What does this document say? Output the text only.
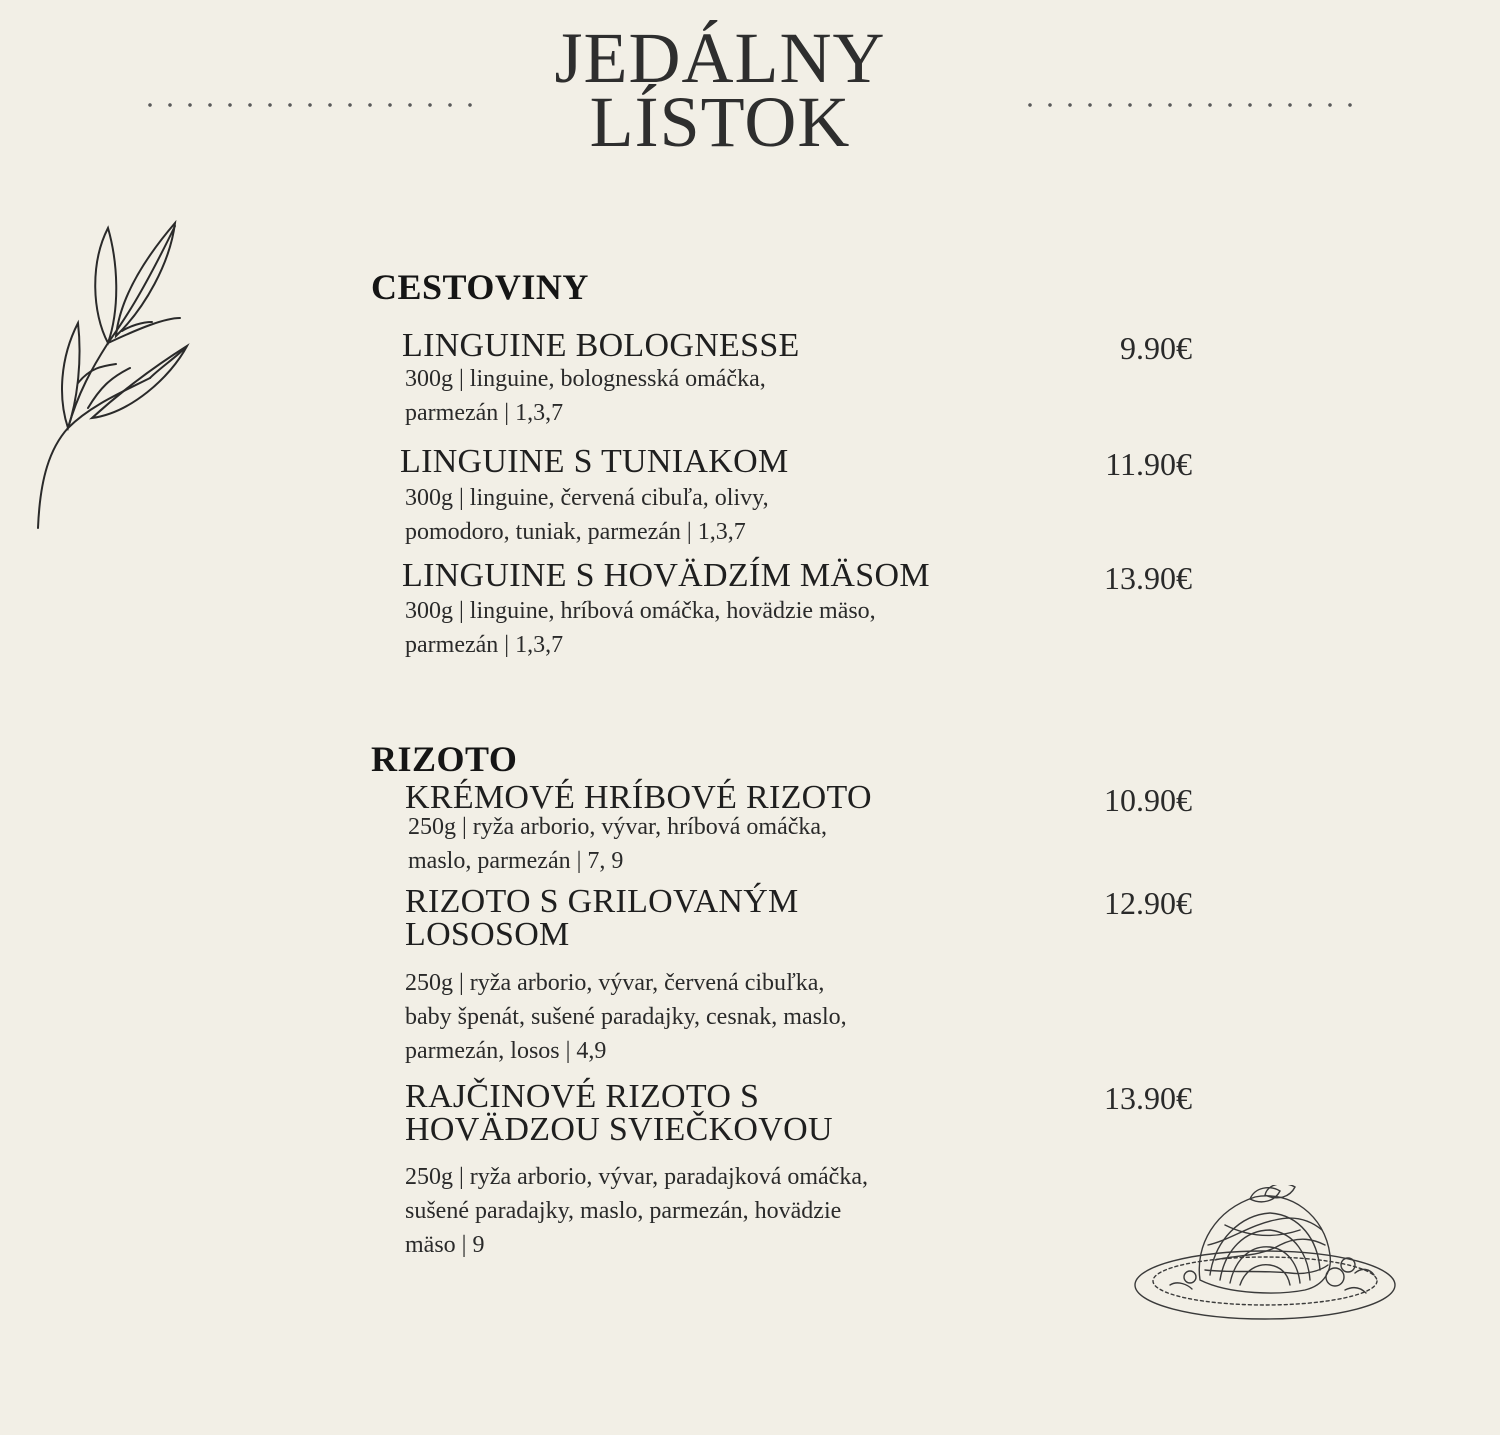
JEDÁLNY
LÍSTOK
CESTOVINY
LINGUINE BOLOGNESSE	9.90€
300g | linguine, bolognesská omáčka,
parmezán | 1,3,7
LINGUINE S TUNIAKOM	11.90€
300g | linguine, červená cibuľa, olivy,
pomodoro, tuniak, parmezán | 1,3,7
LINGUINE S HOVÄDZÍM MÄSOM	13.90€
300g | linguine, hríbová omáčka, hovädzie mäso,
parmezán | 1,3,7
RIZOTO
KRÉMOVÉ HRÍBOVÉ RIZOTO	10.90€
250g | ryža arborio, vývar, hríbová omáčka,
maslo, parmezán | 7, 9
RIZOTO S GRILOVANÝM
LOSOSOM
12.90€
250g | ryža arborio, vývar, červená cibuľka,
baby špenát, sušené paradajky, cesnak, maslo,
parmezán, losos | 4,9
RAJČINOVÉ RIZOTO S
HOVÄDZOU SVIEČKOVOU
13.90€
250g | ryža arborio, vývar, paradajková omáčka,
sušené paradajky, maslo, parmezán, hovädzie
mäso | 9
